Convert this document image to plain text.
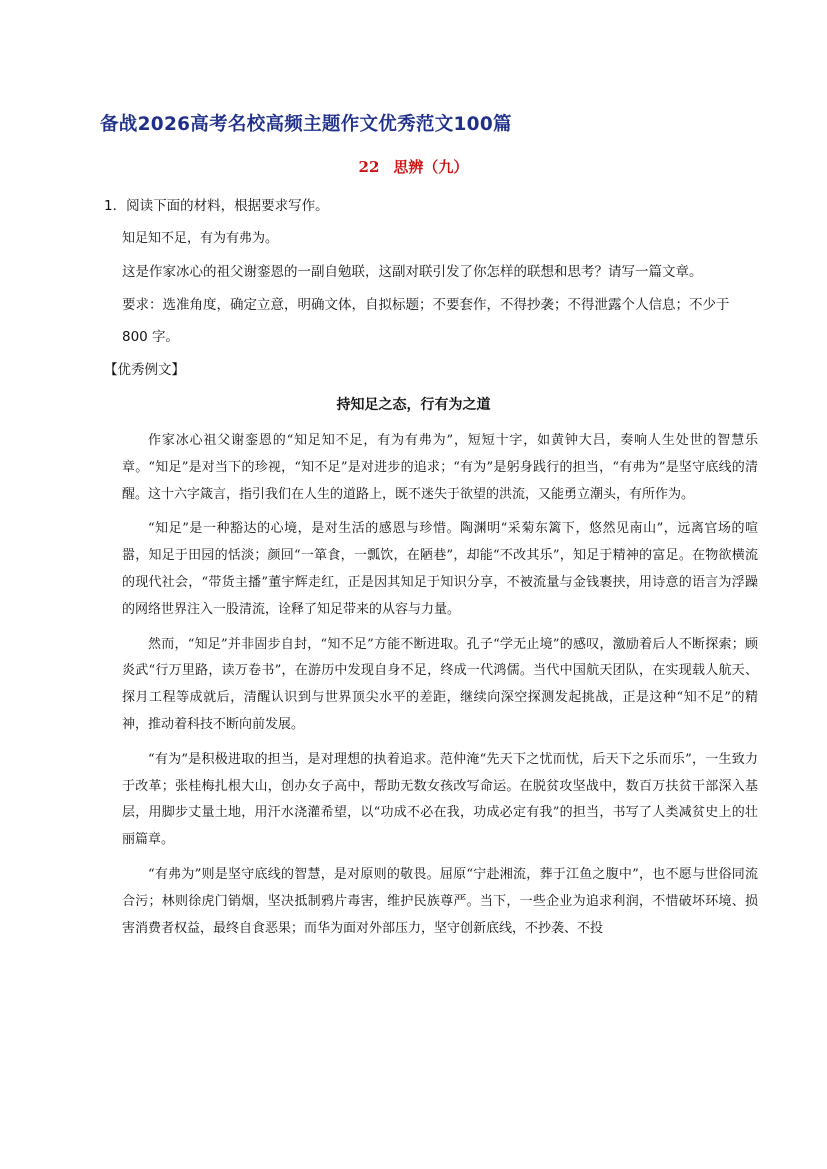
备战2026高考名校高频主题作文优秀范文100篇
22 思辨（九）
1．阅读下面的材料，根据要求写作。
知足知不足，有为有弗为。
这是作家冰心的祖父谢銮恩的一副自勉联，这副对联引发了你怎样的联想和思考？请写一篇文章。
要求：选准角度，确定立意，明确文体，自拟标题；不要套作，不得抄袭；不得泄露个人信息；不少于
800 字。
【优秀例文】
持知足之态，行有为之道

作家冰心祖父谢銮恩的“知足知不足，有为有弗为”，短短十字，如黄钟大吕，奏响人生处世的智慧乐章。“知足”是对当下的珍视，“知不足”是对进步的追求；“有为”是躬身践行的担当，“有弗为”是坚守底线的清醒。这十六字箴言，指引我们在人生的道路上，既不迷失于欲望的洪流，又能勇立潮头，有所作为。

“知足”是一种豁达的心境，是对生活的感恩与珍惜。陶渊明“采菊东篱下，悠然见南山”，远离官场的喧嚣，知足于田园的恬淡；颜回“一箪食，一瓢饮，在陋巷”，却能“不改其乐”，知足于精神的富足。在物欲横流的现代社会，“带货主播”董宇辉走红，正是因其知足于知识分享，不被流量与金钱裹挟，用诗意的语言为浮躁的网络世界注入一股清流，诠释了知足带来的从容与力量。

然而，“知足”并非固步自封，“知不足”方能不断进取。孔子“学无止境”的感叹，激励着后人不断探索；顾炎武“行万里路，读万卷书”，在游历中发现自身不足，终成一代鸿儒。当代中国航天团队，在实现载人航天、探月工程等成就后，清醒认识到与世界顶尖水平的差距，继续向深空探测发起挑战，正是这种“知不足”的精神，推动着科技不断向前发展。

“有为”是积极进取的担当，是对理想的执着追求。范仲淹“先天下之忧而忧，后天下之乐而乐”，一生致力于改革；张桂梅扎根大山，创办女子高中，帮助无数女孩改写命运。在脱贫攻坚战中，数百万扶贫干部深入基层，用脚步丈量土地，用汗水浇灌希望，以“功成不必在我，功成必定有我”的担当，书写了人类减贫史上的壮丽篇章。

“有弗为”则是坚守底线的智慧，是对原则的敬畏。屈原“宁赴湘流，葬于江鱼之腹中”，也不愿与世俗同流合污；林则徐虎门销烟，坚决抵制鸦片毒害，维护民族尊严。当下，一些企业为追求利润，不惜破坏环境、损害消费者权益，最终自食恶果；而华为面对外部压力，坚守创新底线，不抄袭、不投
